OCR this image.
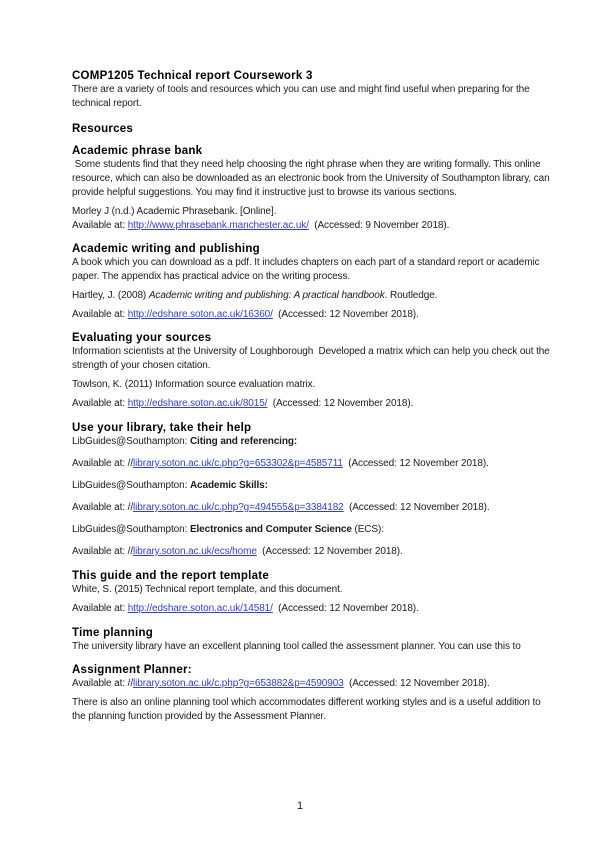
COMP1205 Technical report Coursework 3
There are a variety of tools and resources which you can use and might find useful when preparing for the
technical report.
Resources
Academic phrase bank
Some students find that they need help choosing the right phrase when they are writing formally. This online
resource, which can also be downloaded as an electronic book from the University of Southampton library, can
provide helpful suggestions. You may find it instructive just to browse its various sections.
Morley J (n.d.) Academic Phrasebank. [Online].
Available at: http://www.phrasebank.manchester.ac.uk/  (Accessed: 9 November 2018).
Academic writing and publishing
A book which you can download as a pdf. It includes chapters on each part of a standard report or academic
paper. The appendix has practical advice on the writing process.
Hartley, J. (2008) Academic writing and publishing: A practical handbook. Routledge.
Available at: http://edshare.soton.ac.uk/16360/  (Accessed: 12 November 2018).
Evaluating your sources
Information scientists at the University of Loughborough  Developed a matrix which can help you check out the
strength of your chosen citation.
Towlson, K. (2011) Information source evaluation matrix.
Available at: http://edshare.soton.ac.uk/8015/  (Accessed: 12 November 2018).
Use your library, take their help
LibGuides@Southampton: Citing and referencing:
Available at: //library.soton.ac.uk/c.php?g=653302&p=4585711  (Accessed: 12 November 2018).
LibGuides@Southampton: Academic Skills:
Available at: //library.soton.ac.uk/c.php?g=494555&p=3384182  (Accessed: 12 November 2018).
LibGuides@Southampton: Electronics and Computer Science (ECS):
Available at: //library.soton.ac.uk/ecs/home  (Accessed: 12 November 2018).
This guide and the report template
White, S. (2015) Technical report template, and this document.
Available at: http://edshare.soton.ac.uk/14581/  (Accessed: 12 November 2018).
Time planning
The university library have an excellent planning tool called the assessment planner. You can use this to
Assignment Planner:
Available at: //library.soton.ac.uk/c.php?g=653882&p=4590903  (Accessed: 12 November 2018).
There is also an online planning tool which accommodates different working styles and is a useful addition to
the planning function provided by the Assessment Planner.
1
